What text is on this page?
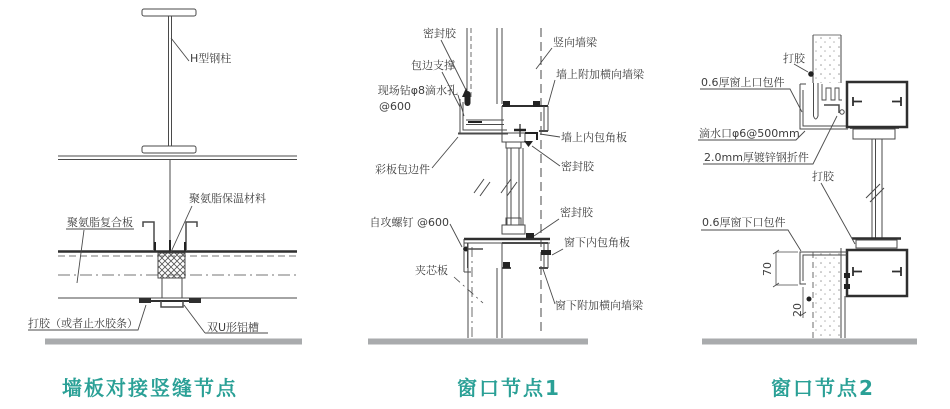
H型钢柱
聚氨脂保温材料
聚氨脂复合板
打胶（或者止水胶条）	双U形铝槽
密封胶
包边支撑
现场钻φ8滴水孔
@600
彩板包边件
自攻螺钉 @600
夹芯板
竖向墙梁
墙上附加横向墙梁
墙上内包角板
密封胶
密封胶
窗下内包角板
窗下附加横向墙梁
打胶
0.6厚窗上口包件
滴水口φ6@500mm
2.0mm厚镀锌钢折件
打胶
0.6厚窗下口包件
70
20
墙板对接竖缝节点	窗口节点1	窗口节点2
